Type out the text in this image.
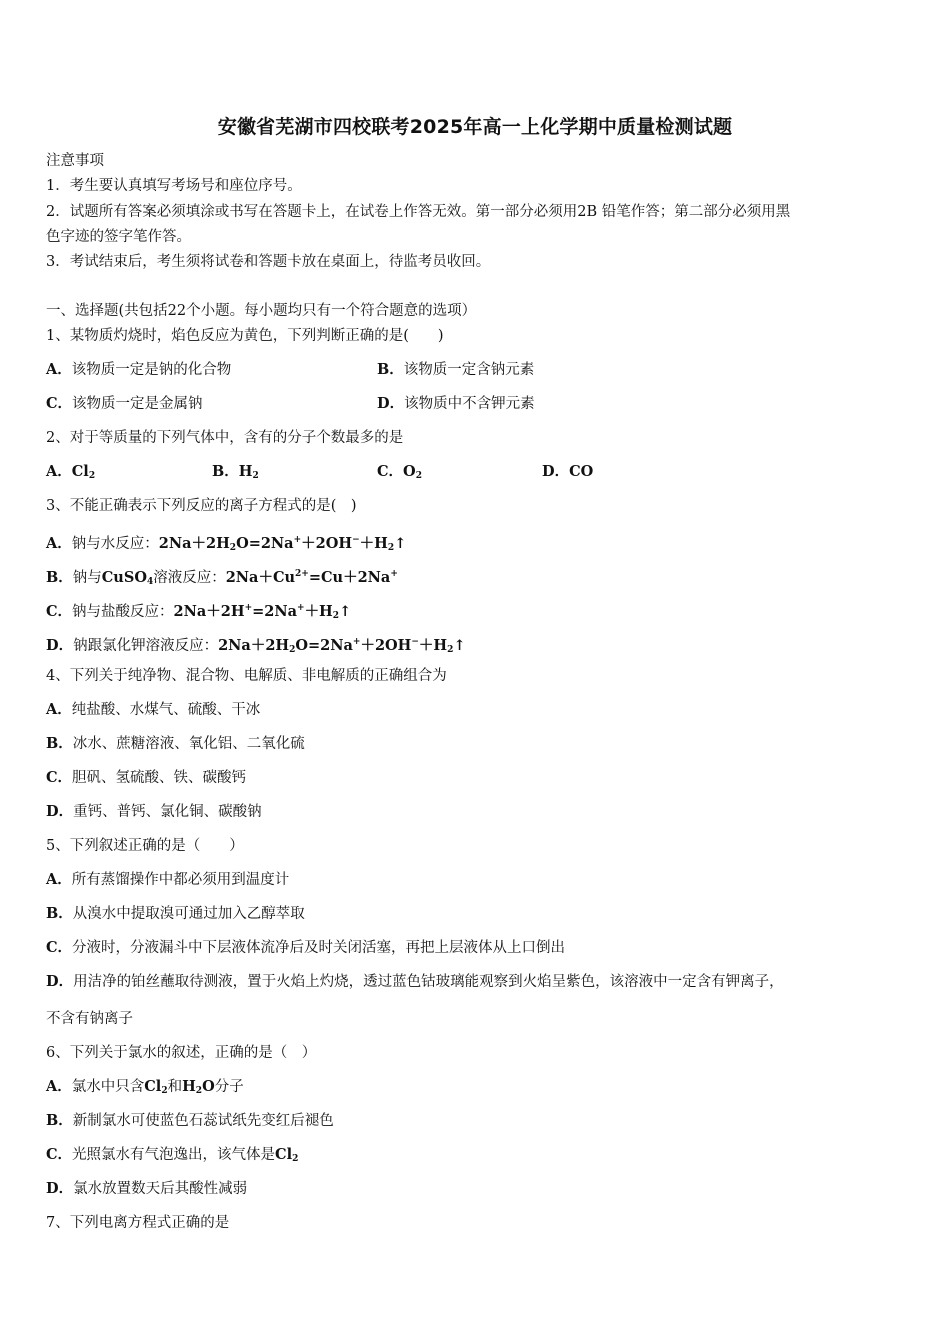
安徽省芜湖市四校联考2025年高一上化学期中质量检测试题
注意事项
1．考生要认真填写考场号和座位序号。
2．试题所有答案必须填涂或书写在答题卡上，在试卷上作答无效。第一部分必须用2B 铅笔作答；第二部分必须用黑
色字迹的签字笔作答。
3．考试结束后，考生须将试卷和答题卡放在桌面上，待监考员收回。
一、选择题(共包括22个小题。每小题均只有一个符合题意的选项）
1、某物质灼烧时，焰色反应为黄色，下列判断正确的是(　　)
A．该物质一定是钠的化合物	B．该物质一定含钠元素
C．该物质一定是金属钠	D．该物质中不含钾元素
2、对于等质量的下列气体中，含有的分子个数最多的是
A．$Cl_2$	B．$H_2$	C．$O_2$	D．CO
3、不能正确表示下列反应的离子方程式的是(　)
A．钠与水反应：$2Na+2H_2O=2Na^++2OH^-+H_2↑$
B．钠与CuSO$_4$溶液反应：$2Na+Cu^{2+}=Cu+2Na^+$
C．钠与盐酸反应：$2Na+2H^+=2Na^++H_2↑$
D．钠跟氯化钾溶液反应：$2Na+2H_2O=2Na^++2OH^-+H_2↑$
4、下列关于纯净物、混合物、电解质、非电解质的正确组合为
A．纯盐酸、水煤气、硫酸、干冰
B．冰水、蔗糖溶液、氧化铝、二氧化硫
C．胆矾、氢硫酸、铁、碳酸钙
D．重钙、普钙、氯化铜、碳酸钠
5、下列叙述正确的是（　　）
A．所有蒸馏操作中都必须用到温度计
B．从溴水中提取溴可通过加入乙醇萃取
C．分液时，分液漏斗中下层液体流净后及时关闭活塞，再把上层液体从上口倒出
D．用洁净的铂丝蘸取待测液，置于火焰上灼烧，透过蓝色钴玻璃能观察到火焰呈紫色，该溶液中一定含有钾离子，
不含有钠离子
6、下列关于氯水的叙述，正确的是（　）
A．氯水中只含$Cl_2$和$H_2O$分子
B．新制氯水可使蓝色石蕊试纸先变红后褪色
C．光照氯水有气泡逸出，该气体是$Cl_2$
D．氯水放置数天后其酸性减弱
7、下列电离方程式正确的是
